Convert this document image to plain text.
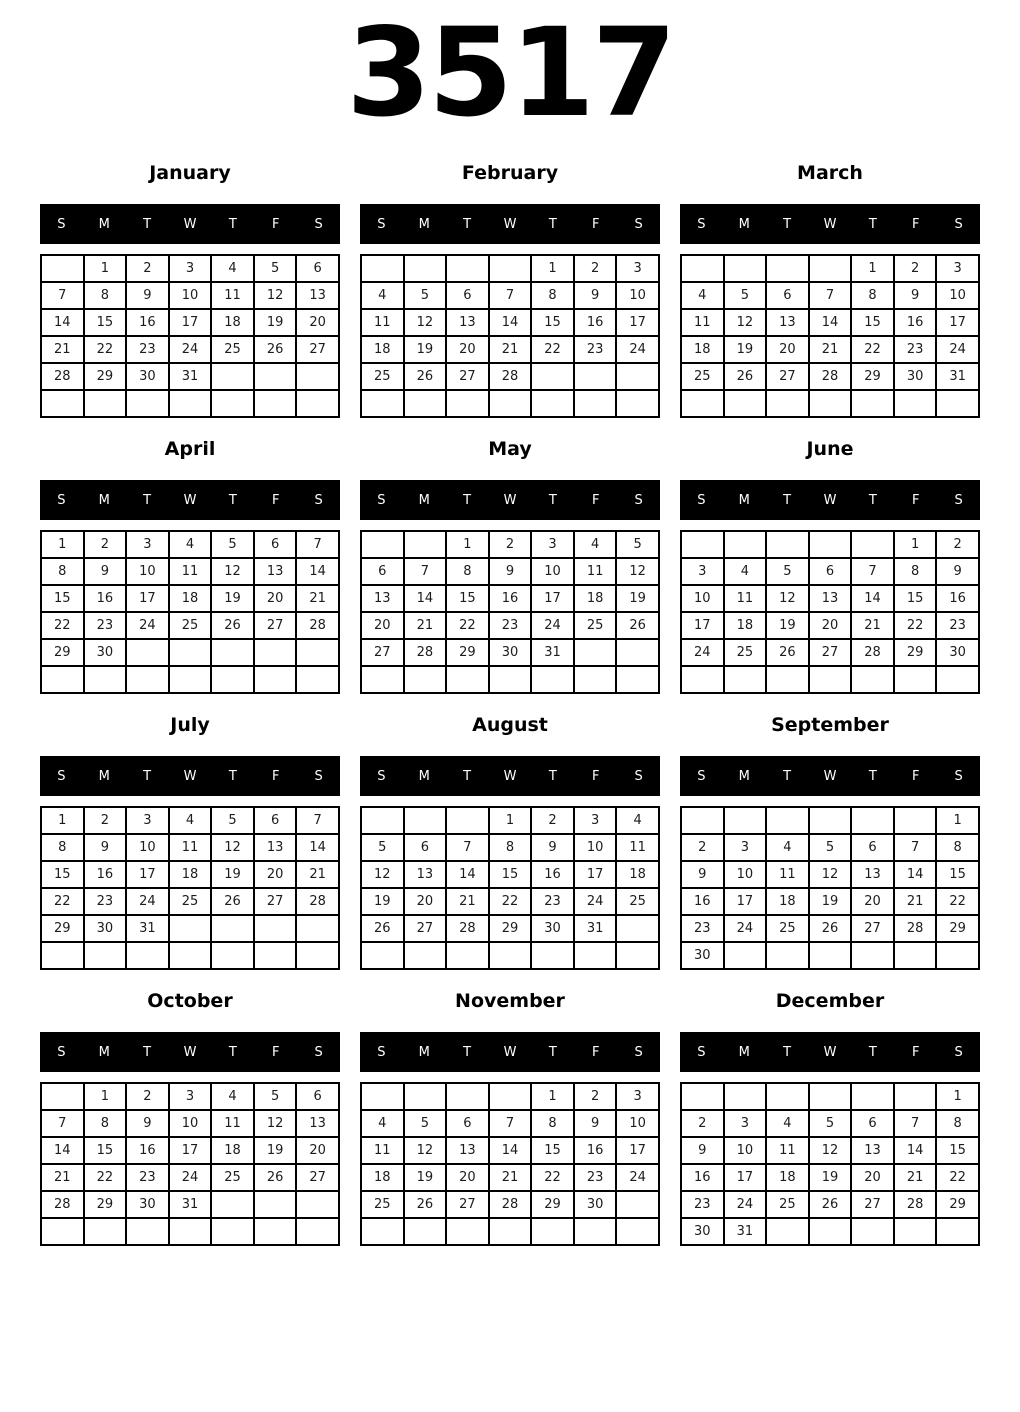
3517
January
S	M	T	W	T	F	S
	1	2	3	4	5	6
7	8	9	10	11	12	13
14	15	16	17	18	19	20
21	22	23	24	25	26	27
28	29	30	31			

February
S	M	T	W	T	F	S
				1	2	3
4	5	6	7	8	9	10
11	12	13	14	15	16	17
18	19	20	21	22	23	24
25	26	27	28			

March
S	M	T	W	T	F	S
				1	2	3
4	5	6	7	8	9	10
11	12	13	14	15	16	17
18	19	20	21	22	23	24
25	26	27	28	29	30	31

April
S	M	T	W	T	F	S
1	2	3	4	5	6	7
8	9	10	11	12	13	14
15	16	17	18	19	20	21
22	23	24	25	26	27	28
29	30					

May
S	M	T	W	T	F	S
		1	2	3	4	5
6	7	8	9	10	11	12
13	14	15	16	17	18	19
20	21	22	23	24	25	26
27	28	29	30	31		

June
S	M	T	W	T	F	S
					1	2
3	4	5	6	7	8	9
10	11	12	13	14	15	16
17	18	19	20	21	22	23
24	25	26	27	28	29	30

July
S	M	T	W	T	F	S
1	2	3	4	5	6	7
8	9	10	11	12	13	14
15	16	17	18	19	20	21
22	23	24	25	26	27	28
29	30	31				

August
S	M	T	W	T	F	S
			1	2	3	4
5	6	7	8	9	10	11
12	13	14	15	16	17	18
19	20	21	22	23	24	25
26	27	28	29	30	31	

September
S	M	T	W	T	F	S
						1
2	3	4	5	6	7	8
9	10	11	12	13	14	15
16	17	18	19	20	21	22
23	24	25	26	27	28	29
30						
October
S	M	T	W	T	F	S
	1	2	3	4	5	6
7	8	9	10	11	12	13
14	15	16	17	18	19	20
21	22	23	24	25	26	27
28	29	30	31			

November
S	M	T	W	T	F	S
				1	2	3
4	5	6	7	8	9	10
11	12	13	14	15	16	17
18	19	20	21	22	23	24
25	26	27	28	29	30	

December
S	M	T	W	T	F	S
						1
2	3	4	5	6	7	8
9	10	11	12	13	14	15
16	17	18	19	20	21	22
23	24	25	26	27	28	29
30	31					
